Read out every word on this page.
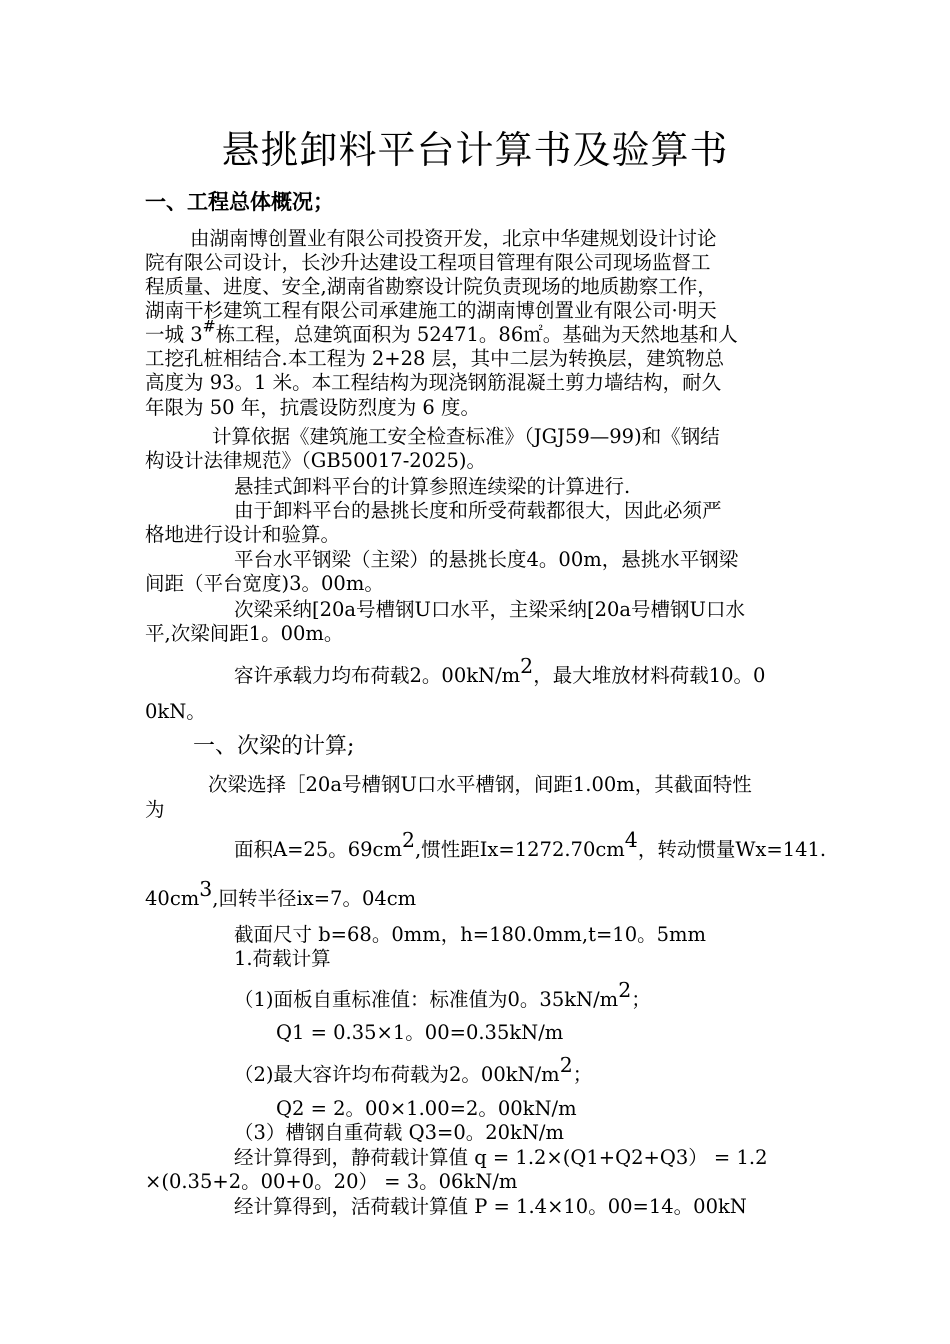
悬挑卸料平台计算书及验算书
一、工程总体概况；
由湖南博创置业有限公司投资开发，北京中华建规划设计讨论
院有限公司设计，长沙升达建设工程项目管理有限公司现场监督工
程质量、进度、安全,湖南省勘察设计院负责现场的地质勘察工作，
湖南干杉建筑工程有限公司承建施工的湖南博创置业有限公司·明天
一城 3#栋工程，总建筑面积为 52471。86㎡。基础为天然地基和人
工挖孔桩相结合.本工程为 2+28 层，其中二层为转换层，建筑物总
高度为 93。1 米。本工程结构为现浇钢筋混凝土剪力墙结构，耐久
年限为 50 年，抗震设防烈度为 6 度。
计算依据《建筑施工安全检查标准》（JGJ59—99)和《钢结
构设计法律规范》（GB50017-2025)。
悬挂式卸料平台的计算参照连续梁的计算进行.
由于卸料平台的悬挑长度和所受荷载都很大，因此必须严
格地进行设计和验算。
平台水平钢梁（主梁）的悬挑长度4。00m，悬挑水平钢梁
间距（平台宽度)3。00m。
次梁采纳[20a号槽钢U口水平，主梁采纳[20a号槽钢U口水
平,次梁间距1。00m。
容许承载力均布荷载2。$00kN/m^2$，最大堆放材料荷载10。0
0kN。
一、次梁的计算;
次梁选择［20a号槽钢U口水平槽钢，间距1.00m，其截面特性
为
面积A=25。$69cm^2$,惯性距$Ix=1272.70cm^4$，转动惯量Wx=141.
$40cm^3$,回转半径ix=7。04cm
截面尺寸 b=68。0mm，h=180.0mm,t=10。5mm
1.荷载计算
（1)面板自重标准值：标准值为0。$35kN/m^2$；
Q1 = 0.35×1。00=0.35kN/m
（2)最大容许均布荷载为2。$00kN/m^2$；
Q2 = 2。00×1.00=2。00kN/m
（3）槽钢自重荷载 Q3=0。20kN/m
经计算得到，静荷载计算值 q = 1.2×(Q1+Q2+Q3） = 1.2
×(0.35+2。00+0。20） = 3。06kN/m
经计算得到，活荷载计算值 P = 1.4×10。00=14。00kN
